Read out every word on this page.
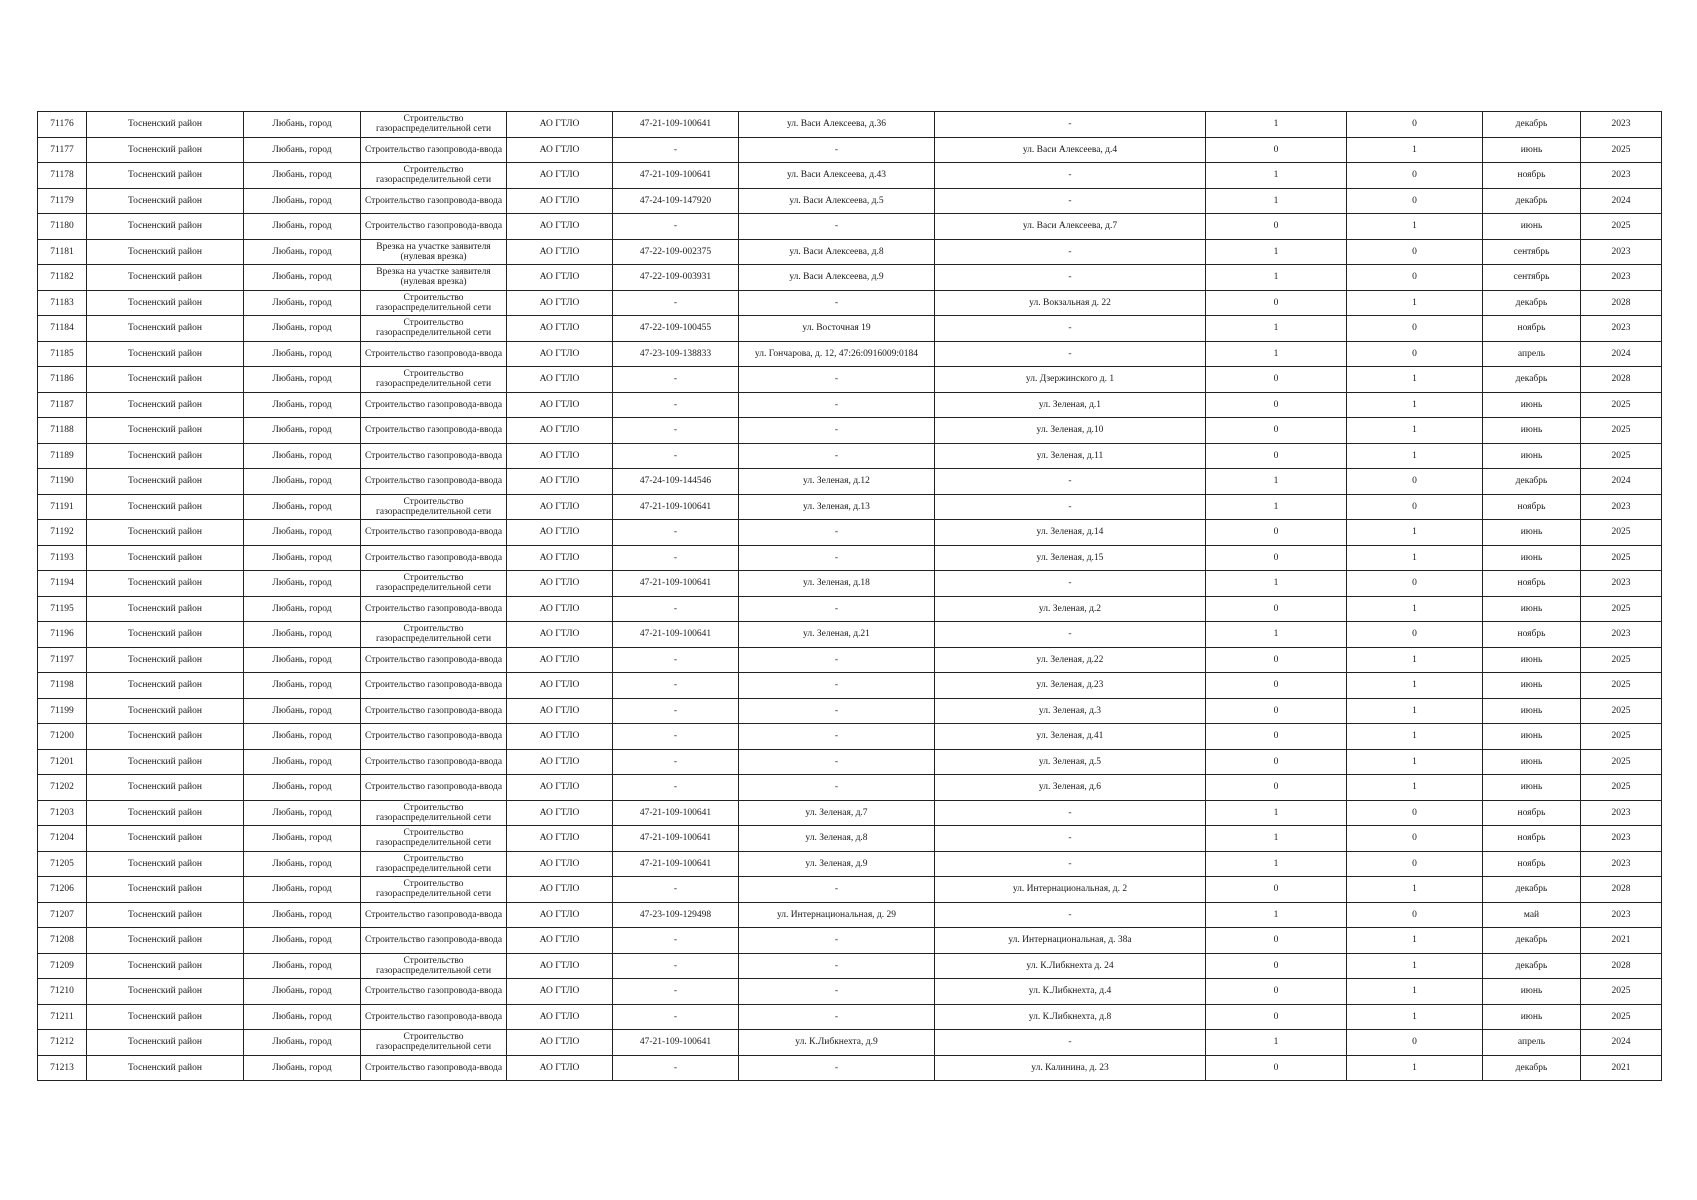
71176	Тосненский район	Любань, город	Строительство газораспределительной сети	АО ГТЛО	47-21-109-100641	ул. Васи Алексеева, д.36	-	1	0	декабрь	2023
71177	Тосненский район	Любань, город	Строительство газопровода-ввода	АО ГТЛО	-	-	ул. Васи Алексеева, д.4	0	1	июнь	2025
71178	Тосненский район	Любань, город	Строительство газораспределительной сети	АО ГТЛО	47-21-109-100641	ул. Васи Алексеева, д.43	-	1	0	ноябрь	2023
71179	Тосненский район	Любань, город	Строительство газопровода-ввода	АО ГТЛО	47-24-109-147920	ул. Васи Алексеева, д.5	-	1	0	декабрь	2024
71180	Тосненский район	Любань, город	Строительство газопровода-ввода	АО ГТЛО	-	-	ул. Васи Алексеева, д.7	0	1	июнь	2025
71181	Тосненский район	Любань, город	Врезка на участке заявителя (нулевая врезка)	АО ГТЛО	47-22-109-002375	ул. Васи Алексеева, д.8	-	1	0	сентябрь	2023
71182	Тосненский район	Любань, город	Врезка на участке заявителя (нулевая врезка)	АО ГТЛО	47-22-109-003931	ул. Васи Алексеева, д.9	-	1	0	сентябрь	2023
71183	Тосненский район	Любань, город	Строительство газораспределительной сети	АО ГТЛО	-	-	ул. Вокзальная д. 22	0	1	декабрь	2028
71184	Тосненский район	Любань, город	Строительство газораспределительной сети	АО ГТЛО	47-22-109-100455	ул. Восточная 19	-	1	0	ноябрь	2023
71185	Тосненский район	Любань, город	Строительство газопровода-ввода	АО ГТЛО	47-23-109-138833	ул. Гончарова, д. 12, 47:26:0916009:0184	-	1	0	апрель	2024
71186	Тосненский район	Любань, город	Строительство газораспределительной сети	АО ГТЛО	-	-	ул. Дзержинского д. 1	0	1	декабрь	2028
71187	Тосненский район	Любань, город	Строительство газопровода-ввода	АО ГТЛО	-	-	ул. Зеленая, д.1	0	1	июнь	2025
71188	Тосненский район	Любань, город	Строительство газопровода-ввода	АО ГТЛО	-	-	ул. Зеленая, д.10	0	1	июнь	2025
71189	Тосненский район	Любань, город	Строительство газопровода-ввода	АО ГТЛО	-	-	ул. Зеленая, д.11	0	1	июнь	2025
71190	Тосненский район	Любань, город	Строительство газопровода-ввода	АО ГТЛО	47-24-109-144546	ул. Зеленая, д.12	-	1	0	декабрь	2024
71191	Тосненский район	Любань, город	Строительство газораспределительной сети	АО ГТЛО	47-21-109-100641	ул. Зеленая, д.13	-	1	0	ноябрь	2023
71192	Тосненский район	Любань, город	Строительство газопровода-ввода	АО ГТЛО	-	-	ул. Зеленая, д.14	0	1	июнь	2025
71193	Тосненский район	Любань, город	Строительство газопровода-ввода	АО ГТЛО	-	-	ул. Зеленая, д.15	0	1	июнь	2025
71194	Тосненский район	Любань, город	Строительство газораспределительной сети	АО ГТЛО	47-21-109-100641	ул. Зеленая, д.18	-	1	0	ноябрь	2023
71195	Тосненский район	Любань, город	Строительство газопровода-ввода	АО ГТЛО	-	-	ул. Зеленая, д.2	0	1	июнь	2025
71196	Тосненский район	Любань, город	Строительство газораспределительной сети	АО ГТЛО	47-21-109-100641	ул. Зеленая, д.21	-	1	0	ноябрь	2023
71197	Тосненский район	Любань, город	Строительство газопровода-ввода	АО ГТЛО	-	-	ул. Зеленая, д.22	0	1	июнь	2025
71198	Тосненский район	Любань, город	Строительство газопровода-ввода	АО ГТЛО	-	-	ул. Зеленая, д.23	0	1	июнь	2025
71199	Тосненский район	Любань, город	Строительство газопровода-ввода	АО ГТЛО	-	-	ул. Зеленая, д.3	0	1	июнь	2025
71200	Тосненский район	Любань, город	Строительство газопровода-ввода	АО ГТЛО	-	-	ул. Зеленая, д.41	0	1	июнь	2025
71201	Тосненский район	Любань, город	Строительство газопровода-ввода	АО ГТЛО	-	-	ул. Зеленая, д.5	0	1	июнь	2025
71202	Тосненский район	Любань, город	Строительство газопровода-ввода	АО ГТЛО	-	-	ул. Зеленая, д.6	0	1	июнь	2025
71203	Тосненский район	Любань, город	Строительство газораспределительной сети	АО ГТЛО	47-21-109-100641	ул. Зеленая, д.7	-	1	0	ноябрь	2023
71204	Тосненский район	Любань, город	Строительство газораспределительной сети	АО ГТЛО	47-21-109-100641	ул. Зеленая, д.8	-	1	0	ноябрь	2023
71205	Тосненский район	Любань, город	Строительство газораспределительной сети	АО ГТЛО	47-21-109-100641	ул. Зеленая, д.9	-	1	0	ноябрь	2023
71206	Тосненский район	Любань, город	Строительство газораспределительной сети	АО ГТЛО	-	-	ул. Интернациональная, д. 2	0	1	декабрь	2028
71207	Тосненский район	Любань, город	Строительство газопровода-ввода	АО ГТЛО	47-23-109-129498	ул. Интернациональная, д. 29	-	1	0	май	2023
71208	Тосненский район	Любань, город	Строительство газопровода-ввода	АО ГТЛО	-	-	ул. Интернациональная, д. 38а	0	1	декабрь	2021
71209	Тосненский район	Любань, город	Строительство газораспределительной сети	АО ГТЛО	-	-	ул. К.Либкнехта д. 24	0	1	декабрь	2028
71210	Тосненский район	Любань, город	Строительство газопровода-ввода	АО ГТЛО	-	-	ул. К.Либкнехта, д.4	0	1	июнь	2025
71211	Тосненский район	Любань, город	Строительство газопровода-ввода	АО ГТЛО	-	-	ул. К.Либкнехта, д.8	0	1	июнь	2025
71212	Тосненский район	Любань, город	Строительство газораспределительной сети	АО ГТЛО	47-21-109-100641	ул. К.Либкнехта, д.9	-	1	0	апрель	2024
71213	Тосненский район	Любань, город	Строительство газопровода-ввода	АО ГТЛО	-	-	ул. Калинина, д. 23	0	1	декабрь	2021
